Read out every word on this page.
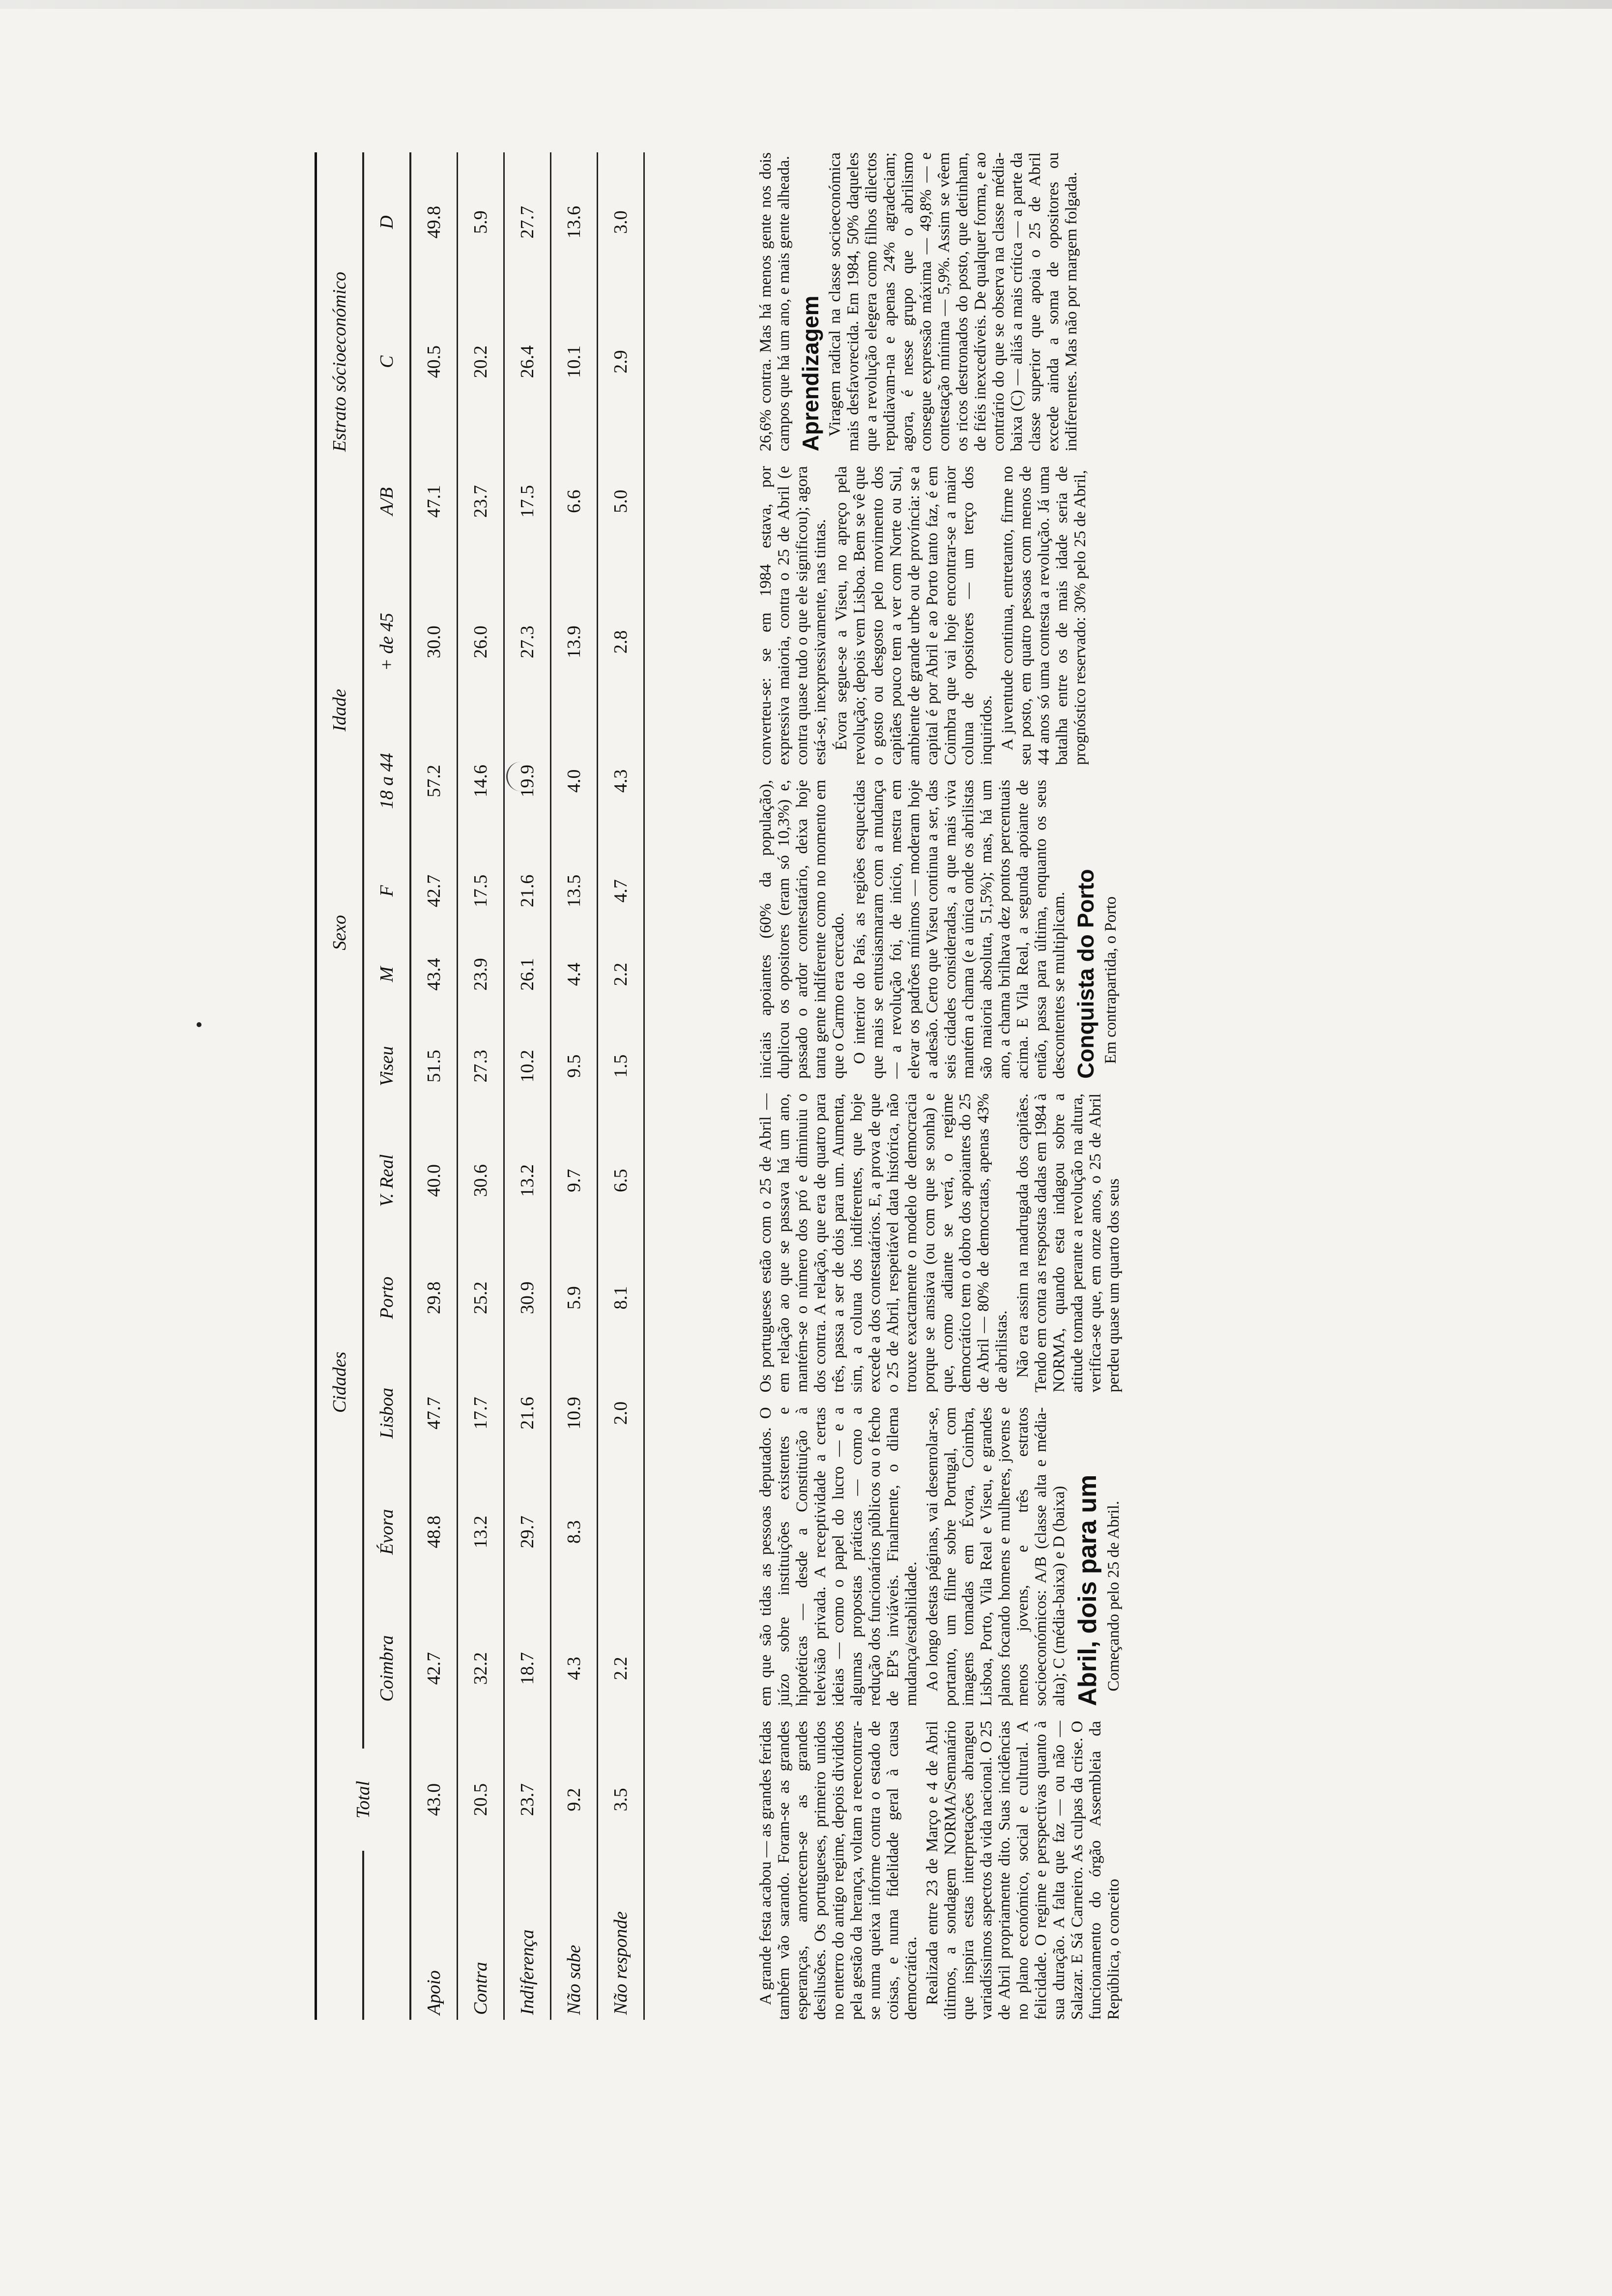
	Total	Cidades						Sexo		Idade		Estrato sócioeconómico		
		Coimbra	Évora	Lisboa	Porto	V. Real	Viseu	M	F	18 a 44	+ de 45	A/B	C	D
Apoio	43.0	42.7	48.8	47.7	29.8	40.0	51.5	43.4	42.7	57.2	30.0	47.1	40.5	49.8
Contra	20.5	32.2	13.2	17.7	25.2	30.6	27.3	23.9	17.5	14.6	26.0	23.7	20.2	5.9
Indiferença	23.7	18.7	29.7	21.6	30.9	13.2	10.2	26.1	21.6	19.9	27.3	17.5	26.4	27.7
Não sabe	9.2	4.3	8.3	10.9	5.9	9.7	9.5	4.4	13.5	4.0	13.9	6.6	10.1	13.6
Não responde	3.5	2.2		2.0	8.1	6.5	1.5	2.2	4.7	4.3	2.8	5.0	2.9	3.0

A grande festa acabou — as grandes feridas também vão sarando. Foram-se as grandes esperanças, amortecem-se as grandes desilusões. Os portugueses, primeiro unidos no enterro do antigo regime, depois divididos pela gestão da herança, voltam a reencontrar-se numa queixa informe contra o estado de coisas, e numa fidelidade geral à causa democrática. Realizada entre 23 de Março e 4 de Abril últimos, a sondagem NORMA/Semanário que inspira estas interpretações abrangeu variadíssimos aspectos da vida nacional. O 25 de Abril propriamente dito. Suas incidências no plano económico, social e cultural. A felicidade. O regime e perspectivas quanto à sua duração. A falta que faz — ou não — Salazar. E Sá Carneiro. As culpas da crise. O funcionamento do órgão Assembleia da República, o conceito

em que são tidas as pessoas deputados. O juízo sobre instituições existentes e hipotéticas — desde a Constituição à televisão privada. A receptividade a certas ideias — como o papel do lucro — e a algumas propostas práticas — como a redução dos funcionários públicos ou o fecho de EP's inviáveis. Finalmente, o dilema mudança/estabilidade. Ao longo destas páginas, vai desenrolar-se, portanto, um filme sobre Portugal, com imagens tomadas em Évora, Coimbra, Lisboa, Porto, Vila Real e Viseu, e grandes planos focando homens e mulheres, jovens e menos jovens, e três estratos socioeconómicos: A/B (classe alta e média-alta); C (média-baixa) e D (baixa) Abril, dois para um Começando pelo 25 de Abril.

Os portugueses estão com o 25 de Abril — em relação ao que se passava há um ano, mantém-se o número dos pró e diminuiu o dos contra. A relação, que era de quatro para três, passa a ser de dois para um. Aumenta, sim, a coluna dos indiferentes, que hoje excede a dos contestatários. E, a prova de que o 25 de Abril, respeitável data histórica, não trouxe exactamente o modelo de democracia porque se ansiava (ou com que se sonha) e que, como adiante se verá, o regime democrático tem o dobro dos apoiantes do 25 de Abril — 80% de democratas, apenas 43% de abrilistas. Não era assim na madrugada dos capitães. Tendo em conta as respostas dadas em 1984 à NORMA, quando esta indagou sobre a atitude tomada perante a revolução na altura, verifica-se que, em onze anos, o 25 de Abril perdeu quase um quarto dos seus

iniciais apoiantes (60% da população), duplicou os opositores (eram só 10,3%) e, passado o ardor contestatário, deixa hoje tanta gente indiferente como no momento em que o Carmo era cercado. O interior do País, as regiões esquecidas que mais se entusiasmaram com a mudança — a revolução foi, de início, mestra em elevar os padrões mínimos — moderam hoje a adesão. Certo que Viseu continua a ser, das seis cidades consideradas, a que mais viva mantém a chama (e a única onde os abrilistas são maioria absoluta, 51,5%); mas, há um ano, a chama brilhava dez pontos percentuais acima. E Vila Real, a segunda apoiante de então, passa para última, enquanto os seus descontentes se multiplicam. Conquista do Porto Em contrapartida, o Porto

converteu-se: se em 1984 estava, por expressiva maioria, contra o 25 de Abril (e contra quase tudo o que ele significou); agora está-se, inexpressivamente, nas tintas. Évora segue-se a Viseu, no apreço pela revolução; depois vem Lisboa. Bem se vê que o gosto ou desgosto pelo movimento dos capitães pouco tem a ver com Norte ou Sul, ambiente de grande urbe ou de província: se a capital é por Abril e ao Porto tanto faz, é em Coimbra que vai hoje encontrar-se a maior coluna de opositores — um terço dos inquiridos. A juventude continua, entretanto, firme no seu posto, em quatro pessoas com menos de 44 anos só uma contesta a revolução. Já uma batalha entre os de mais idade seria de prognóstico reservado: 30% pelo 25 de Abril,

26,6% contra. Mas há menos gente nos dois campos que há um ano, e mais gente alheada. Aprendizagem Viragem radical na classe socioeconómica mais desfavorecida. Em 1984, 50% daqueles que a revolução elegera como filhos dilectos repudiavam-na e apenas 24% agradeciam; agora, é nesse grupo que o abrilismo consegue expressão máxima — 49,8% — e contestação mínima — 5,9%. Assim se vêem os ricos destronados do posto, que detinham, de fiéis inexcedíveis. De qualquer forma, e ao contrário do que se observa na classe média-baixa (C) — aliás a mais crítica — a parte da classe superior que apoia o 25 de Abril excede ainda a soma de opositores ou indiferentes. Mas não por margem folgada.
